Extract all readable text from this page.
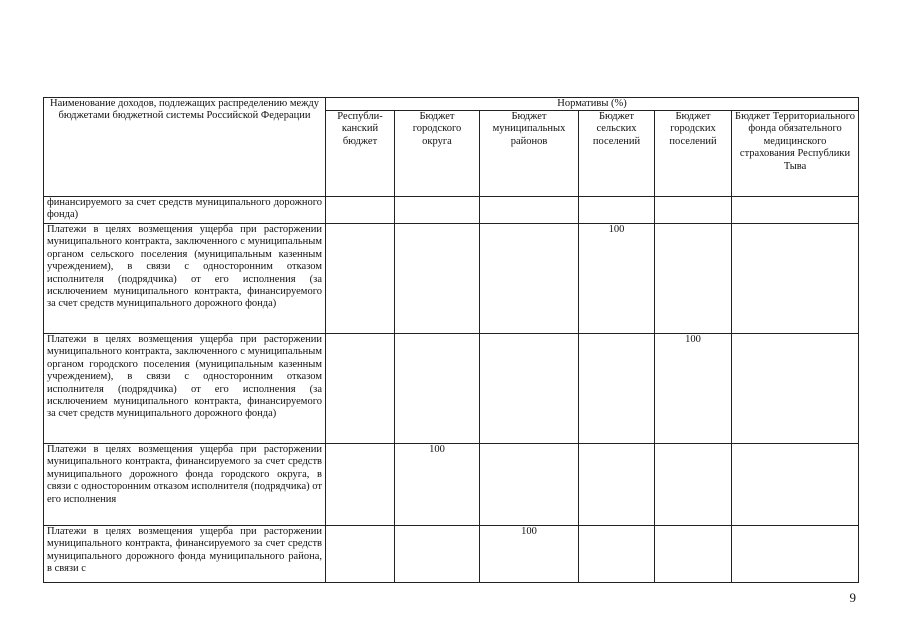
Наименование доходов, подлежащих распределению между бюджетами бюджетной системы Российской Федерации	Нормативы (%)					
	Республи-канский бюджет	Бюджет городского округа	Бюджет муниципальных районов	Бюджет сельских поселений	Бюджет городских поселений	Бюджет Территориального фонда обязательного медицинского страхования Республики Тыва
финансируемого за счет средств муниципального дорожного фонда)						
Платежи в целях возмещения ущерба при расторжении муниципального контракта, заключенного с муниципальным органом сельского поселения (муниципальным казенным учреждением), в связи с односторонним отказом исполнителя (подрядчика) от его исполнения (за исключением муниципального контракта, финансируемого за счет средств муниципального дорожного фонда)				100		
Платежи в целях возмещения ущерба при расторжении муниципального контракта, заключенного с муниципальным органом городского поселения (муниципальным казенным учреждением), в связи с односторонним отказом исполнителя (подрядчика) от его исполнения (за исключением муниципального контракта, финансируемого за счет средств муниципального дорожного фонда)					100	
Платежи в целях возмещения ущерба при расторжении муниципального контракта, финансируемого за счет средств муниципального дорожного фонда городского округа, в связи с односторонним отказом исполнителя (подрядчика) от его исполнения		100				
Платежи в целях возмещения ущерба при расторжении муниципального контракта, финансируемого за счет средств муниципального дорожного фонда муниципального района, в связи с			100			
9
